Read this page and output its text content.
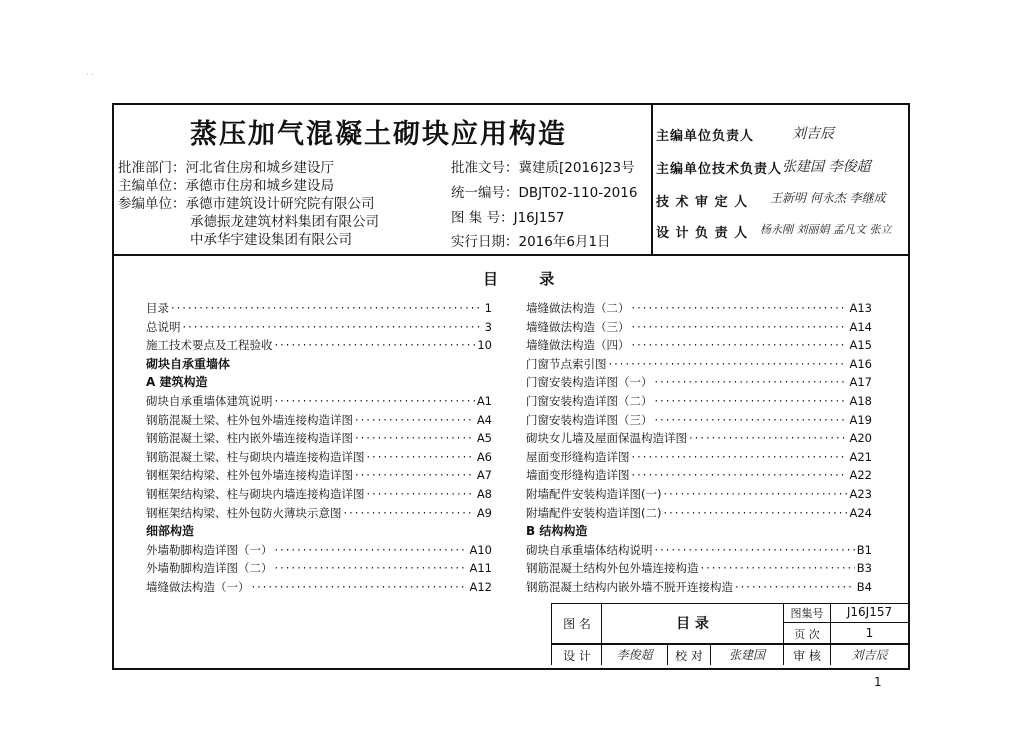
· ·
蒸压加气混凝土砌块应用构造
批准部门：河北省住房和城乡建设厅
主编单位：承德市住房和城乡建设局
参编单位：承德市建筑设计研究院有限公司
承德振龙建筑材料集团有限公司
中承华宇建设集团有限公司
批准文号：冀建质[2016]23号
统一编号：DBJT02-110-2016
图 集 号：J16J157
实行日期：2016年6月1日
主编单位负责人	刘吉辰
主编单位技术负责人 张建国 李俊超
技 术 审 定 人 王新明 何永杰 李继成
设 计 负 责 人 杨永刚 刘丽娟 孟凡文 张立
目 录
目录 ·····	1
总说明 ·····	3
施工技术要点及工程验收 ·····	10
砌块自承重墙体
A 建筑构造
砌块自承重墙体建筑说明 ·····	A1
钢筋混凝土梁、柱外包外墙连接构造详图 ·····	A4
钢筋混凝土梁、柱内嵌外墙连接构造详图 ·····	A5
钢筋混凝土梁、柱与砌块内墙连接构造详图 ·····	A6
钢框架结构梁、柱外包外墙连接构造详图 ·····	A7
钢框架结构梁、柱与砌块内墙连接构造详图 ·····	A8
钢框架结构梁、柱外包防火薄块示意图 ·····	A9
细部构造
外墙勒脚构造详图（一） ·····	A10
外墙勒脚构造详图（二） ·····	A11
墙缝做法构造（一） ·····	A12
墙缝做法构造（二） ·····	A13
墙缝做法构造（三） ·····	A14
墙缝做法构造（四） ·····	A15
门窗节点索引图 ·····	A16
门窗安装构造详图（一） ·····	A17
门窗安装构造详图（二） ·····	A18
门窗安装构造详图（三） ·····	A19
砌块女儿墙及屋面保温构造详图 ·····	A20
屋面变形缝构造详图 ·····	A21
墙面变形缝构造详图 ·····	A22
附墙配件安装构造详图(一) ·····	A23
附墙配件安装构造详图(二) ·····	A24
B 结构构造
砌块自承重墙体结构说明 ·····	B1
钢筋混凝土结构外包外墙连接构造 ·····	B3
钢筋混凝土结构内嵌外墙不脱开连接构造 ·····	B4
图 名	目 录
图集号	J16J157
页 次	1
设 计	李俊超	校 对	张建国	审 核	刘吉辰
1
